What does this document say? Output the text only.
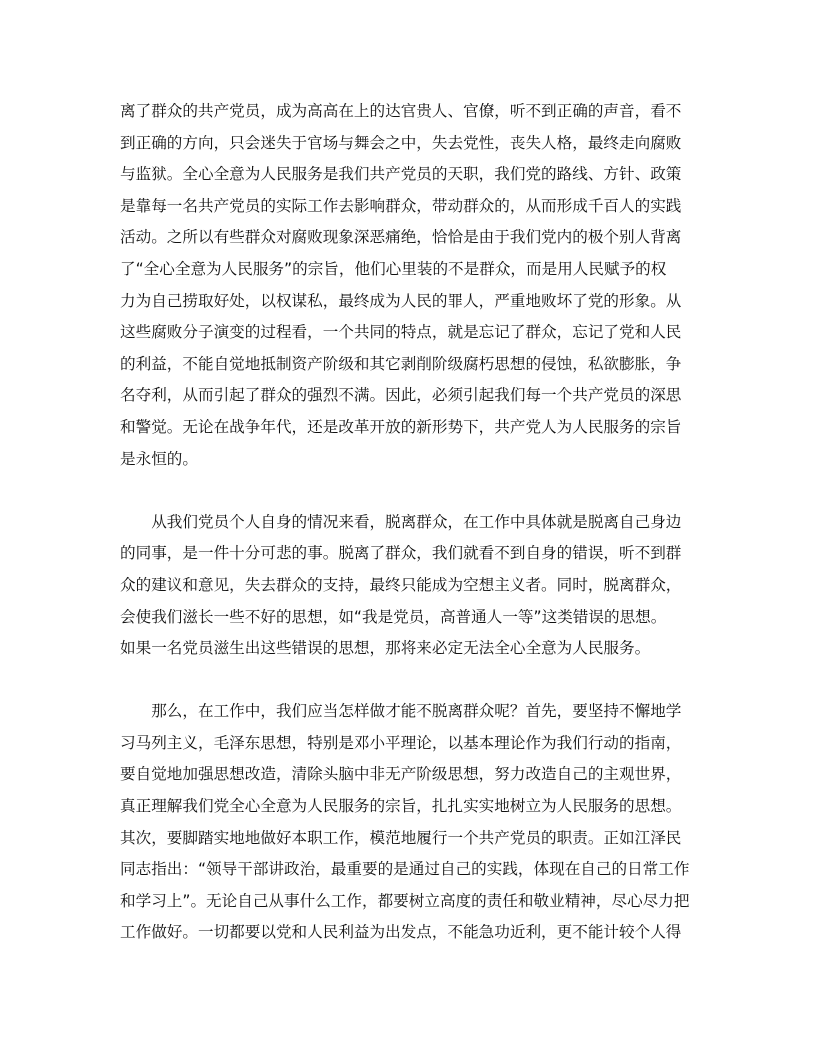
离了群众的共产党员，成为高高在上的达官贵人、官僚，听不到正确的声音，看不
到正确的方向，只会迷失于官场与舞会之中，失去党性，丧失人格，最终走向腐败
与监狱。全心全意为人民服务是我们共产党员的天职，我们党的路线、方针、政策
是靠每一名共产党员的实际工作去影响群众，带动群众的，从而形成千百人的实践
活动。之所以有些群众对腐败现象深恶痛绝，恰恰是由于我们党内的极个别人背离
了“全心全意为人民服务”的宗旨，他们心里装的不是群众，而是用人民赋予的权
力为自己捞取好处，以权谋私，最终成为人民的罪人，严重地败坏了党的形象。从
这些腐败分子演变的过程看，一个共同的特点，就是忘记了群众，忘记了党和人民
的利益，不能自觉地抵制资产阶级和其它剥削阶级腐朽思想的侵蚀，私欲膨胀，争
名夺利，从而引起了群众的强烈不满。因此，必须引起我们每一个共产党员的深思
和警觉。无论在战争年代，还是改革开放的新形势下，共产党人为人民服务的宗旨
是永恒的。
　　从我们党员个人自身的情况来看，脱离群众，在工作中具体就是脱离自己身边
的同事，是一件十分可悲的事。脱离了群众，我们就看不到自身的错误，听不到群
众的建议和意见，失去群众的支持，最终只能成为空想主义者。同时，脱离群众，
会使我们滋长一些不好的思想，如“我是党员，高普通人一等”这类错误的思想。
如果一名党员滋生出这些错误的思想，那将来必定无法全心全意为人民服务。
　　那么，在工作中，我们应当怎样做才能不脱离群众呢？首先，要坚持不懈地学
习马列主义，毛泽东思想，特别是邓小平理论，以基本理论作为我们行动的指南，
要自觉地加强思想改造，清除头脑中非无产阶级思想，努力改造自己的主观世界，
真正理解我们党全心全意为人民服务的宗旨，扎扎实实地树立为人民服务的思想。
其次，要脚踏实地地做好本职工作，模范地履行一个共产党员的职责。正如江泽民
同志指出：“领导干部讲政治，最重要的是通过自己的实践，体现在自己的日常工作
和学习上”。无论自己从事什么工作，都要树立高度的责任和敬业精神，尽心尽力把
工作做好。一切都要以党和人民利益为出发点，不能急功近利，更不能计较个人得
